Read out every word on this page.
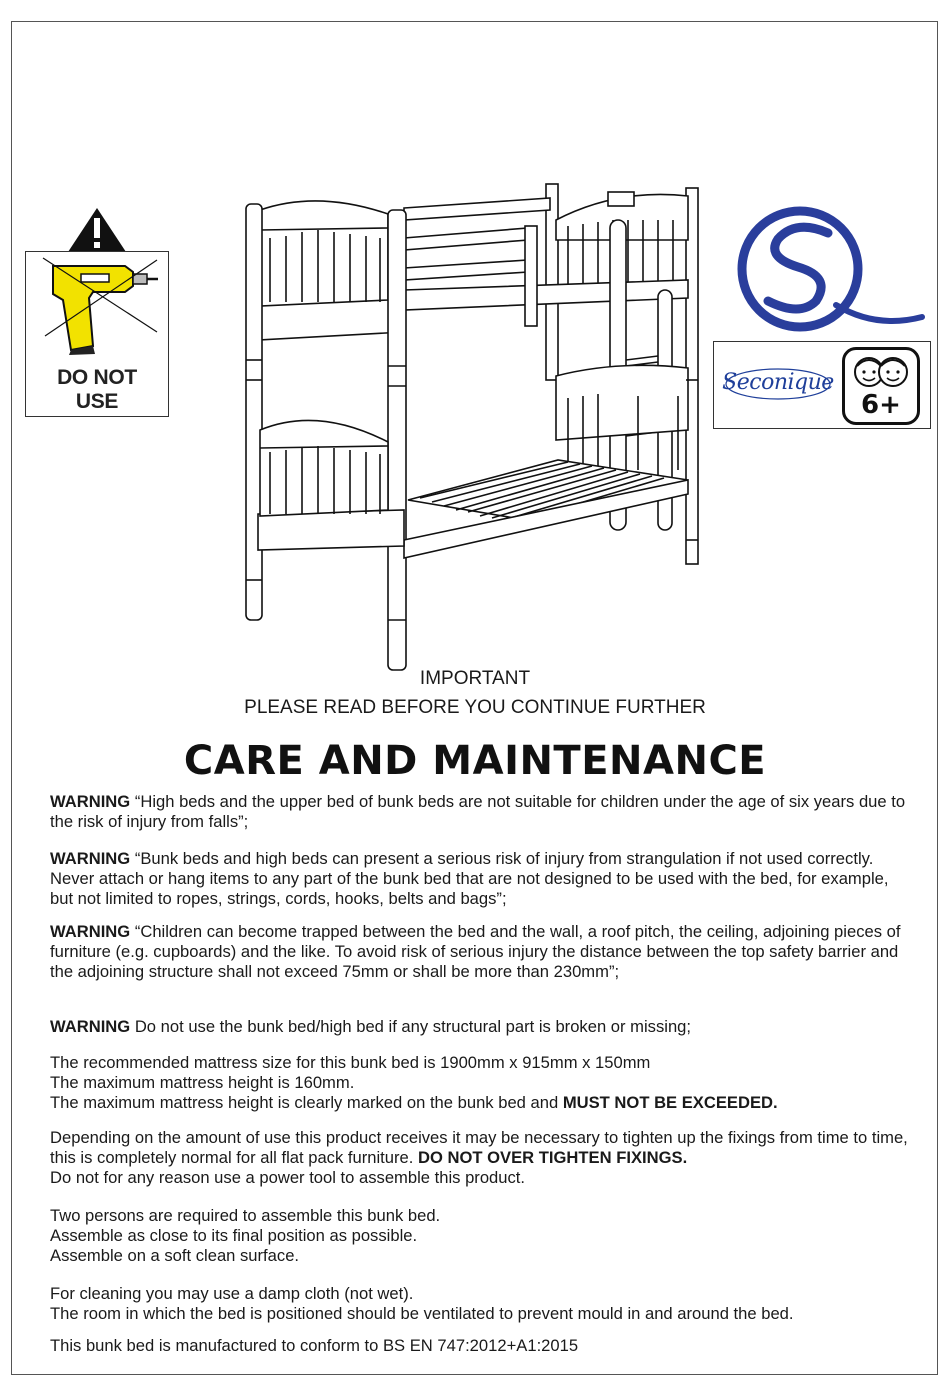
DO NOT
USE
Seconique
6+
IMPORTANT
PLEASE READ BEFORE YOU CONTINUE FURTHER
CARE AND MAINTENANCE

WARNING “High beds and the upper bed of bunk beds are not suitable for children under the age of six years due to the risk of injury from falls”;

WARNING “Bunk beds and high beds can present a serious risk of injury from strangulation if not used correctly. Never attach or hang items to any part of the bunk bed that are not designed to be used with the bed, for example, but not limited to ropes, strings, cords, hooks, belts and bags”;

WARNING “Children can become trapped between the bed and the wall, a roof pitch, the ceiling, adjoining pieces of furniture (e.g. cupboards) and the like. To avoid risk of serious injury the distance between the top safety barrier and the adjoining structure shall not exceed 75mm or shall be more than 230mm”;

WARNING Do not use the bunk bed/high bed if any structural part is broken or missing;

The recommended mattress size for this bunk bed is 1900mm x 915mm x 150mm

The maximum mattress height is 160mm.

The maximum mattress height is clearly marked on the bunk bed and MUST NOT BE EXCEEDED.

Depending on the amount of use this product receives it may be necessary to tighten up the fixings from time to time, this is completely normal for all flat pack furniture. DO NOT OVER TIGHTEN FIXINGS.

Do not for any reason use a power tool to assemble this product.

Two persons are required to assemble this bunk bed.

Assemble as close to its final position as possible.

Assemble on a soft clean surface.

For cleaning you may use a damp cloth (not wet).

The room in which the bed is positioned should be ventilated to prevent mould in and around the bed.

This bunk bed is manufactured to conform to BS EN 747:2012+A1:2015
